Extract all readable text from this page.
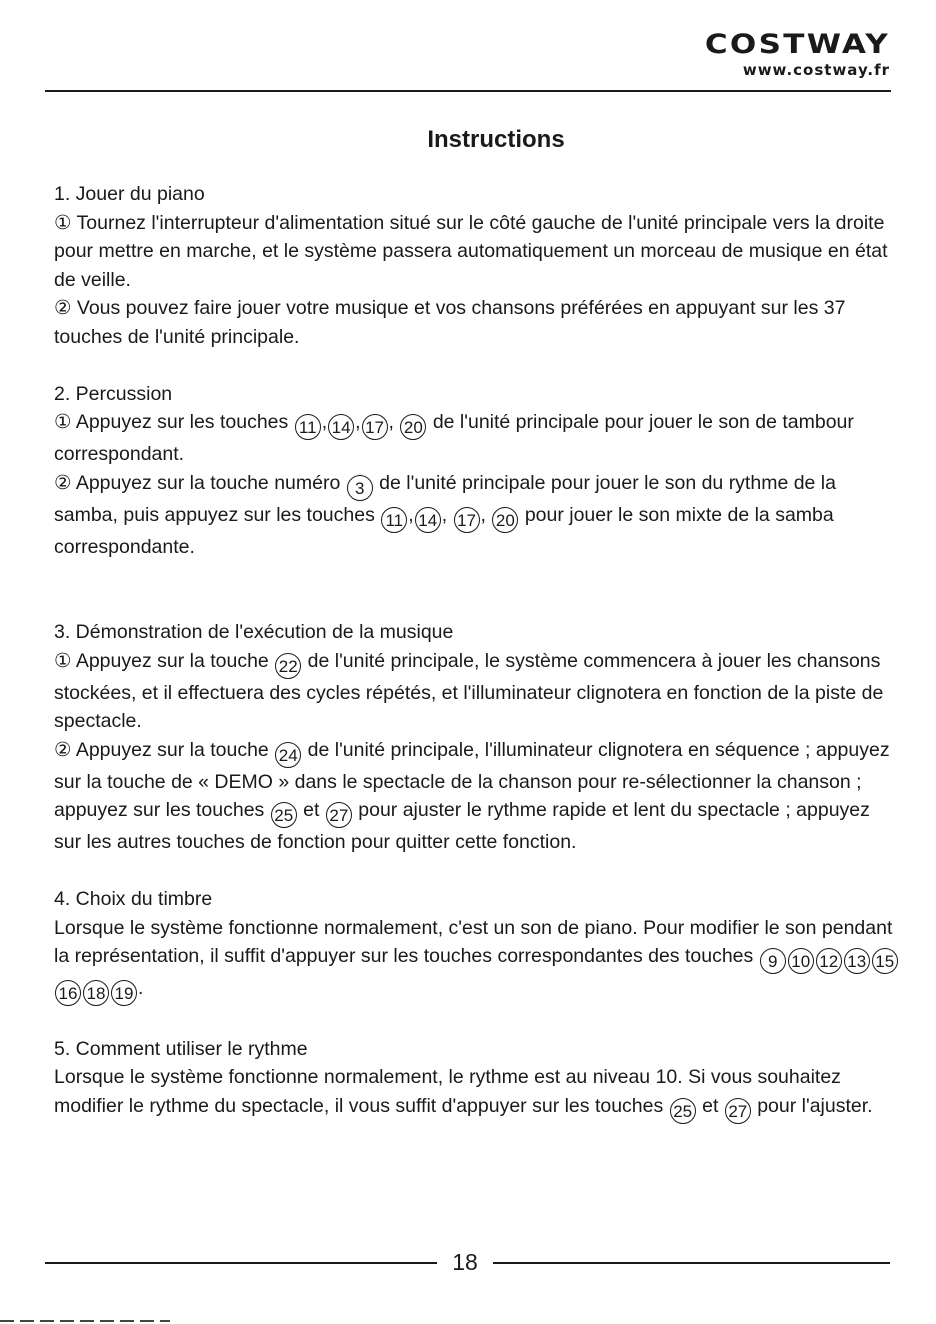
COSTWAY
www.costway.fr
Instructions

1. Jouer du piano

① Tournez l'interrupteur d'alimentation situé sur le côté gauche de l'unité principale vers la droite pour mettre en marche, et le système passera automatiquement un morceau de musique en état de veille.

② Vous pouvez faire jouer votre musique et vos chansons préférées en appuyant sur les 37 touches de l'unité principale.

2. Percussion

① Appuyez sur les touches 11 , 14 , 17 , 20 de l'unité principale pour jouer le son de tambour correspondant.

② Appuyez sur la touche numéro 3 de l'unité principale pour jouer le son du rythme de la samba, puis appuyez sur les touches 11 , 14 , 17 , 20 pour jouer le son mixte de la samba correspondante.

3. Démonstration de l'exécution de la musique

① Appuyez sur la touche 22 de l'unité principale, le système commencera à jouer les chansons stockées, et il effectuera des cycles répétés, et l'illuminateur clignotera en fonction de la piste de spectacle.

② Appuyez sur la touche 24 de l'unité principale, l'illuminateur clignotera en séquence ; appuyez sur la touche de « DEMO » dans le spectacle de la chanson pour re-sélectionner la chanson ; appuyez sur les touches 25 et 27 pour ajuster le rythme rapide et lent du spectacle ; appuyez sur les autres touches de fonction pour quitter cette fonction.

4. Choix du timbre

Lorsque le système fonctionne normalement, c'est un son de piano. Pour modifier le son pendant la représentation, il suffit d'appuyer sur les touches correspondantes des touches 9 10 12 13 1516 18 19 .

5. Comment utiliser le rythme

Lorsque le système fonctionne normalement, le rythme est au niveau 10. Si vous souhaitez modifier le rythme du spectacle, il vous suffit d'appuyer sur les touches 25 et 27 pour l'ajuster.

18
